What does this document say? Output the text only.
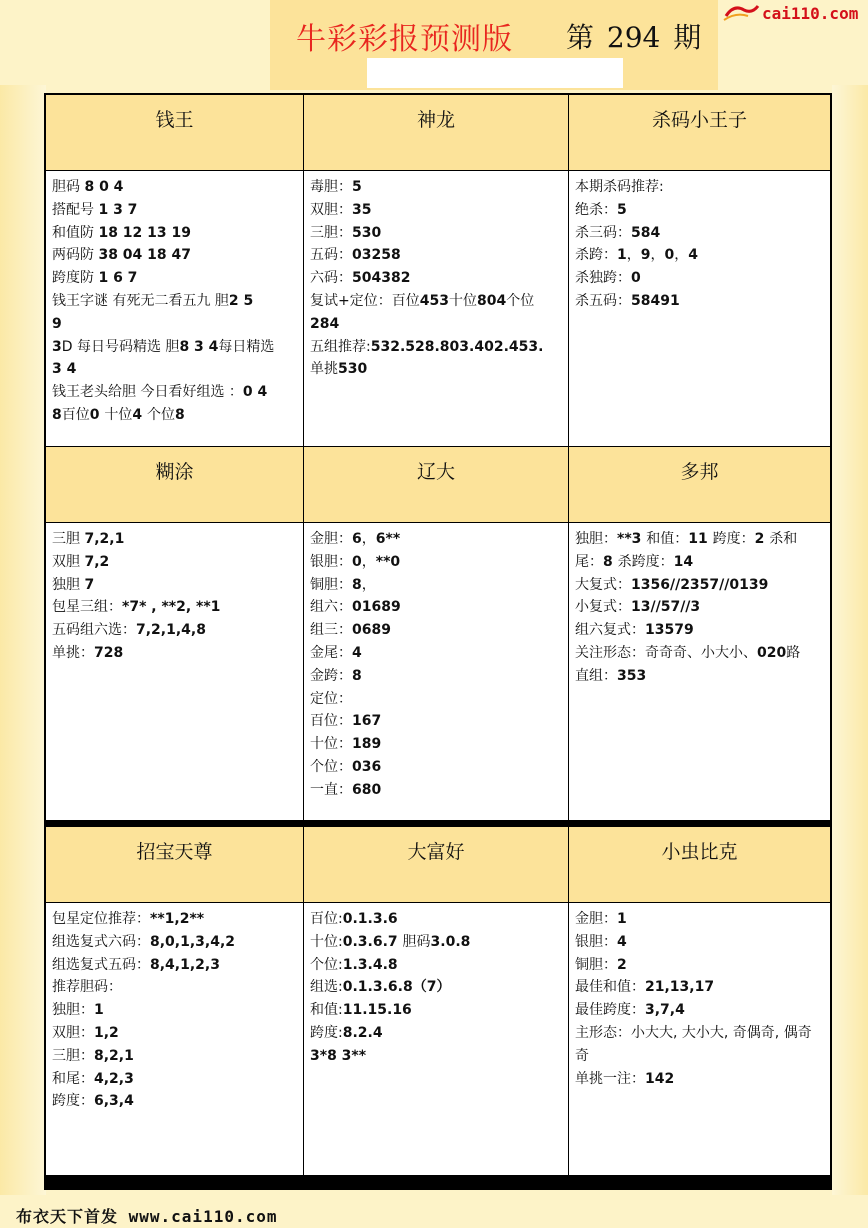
牛彩彩报预测版 第 294 期
cai110.com
钱王
胆码 8 0 4
搭配号 1 3 7
和值防 18 12 13 19
两码防 38 04 18 47
跨度防 1 6 7
钱王字谜 有死无二看五九 胆2 5
9
3D 每日号码精选 胆8 3 4每日精选
3 4
钱王老头给胆 今日看好组选 ：0 4
8百位0 十位4 个位8
神龙
毒胆：5
双胆：35
三胆：530
五码：03258
六码：504382
复试+定位：百位453十位804个位
284
五组推荐:532.528.803.402.453.
单挑530
杀码小王子
本期杀码推荐:
绝杀：5
杀三码：584
杀跨：1，9，0，4
杀独跨：0
杀五码：58491
糊涂
三胆 7,2,1
双胆 7,2
独胆 7
包星三组：*7* , **2, **1
五码组六选：7,2,1,4,8
单挑：728
辽大
金胆：6，6**
银胆：0，**0
铜胆：8，
组六：01689
组三：0689
金尾：4
金跨：8
定位：
百位：167
十位：189
个位：036
一直：680
多邦
独胆：**3 和值：11 跨度：2 杀和
尾：8 杀跨度：14
大复式：1356//2357//0139
小复式：13//57//3
组六复式：13579
关注形态：奇奇奇、小大小、020路
直组：353
招宝天尊
包星定位推荐：**1,2**
组选复式六码：8,0,1,3,4,2
组选复式五码：8,4,1,2,3
推荐胆码：
独胆：1
双胆：1,2
三胆：8,2,1
和尾：4,2,3
跨度：6,3,4
大富好
百位:0.1.3.6
十位:0.3.6.7 胆码3.0.8
个位:1.3.4.8
组选:0.1.3.6.8（7）
和值:11.15.16
跨度:8.2.4
3*8 3**
小虫比克
金胆：1
银胆：4
铜胆：2
最佳和值：21,13,17
最佳跨度：3,7,4
主形态：小大大, 大小大, 奇偶奇, 偶奇
奇
单挑一注：142
布衣天下首发 www.cai110.com
